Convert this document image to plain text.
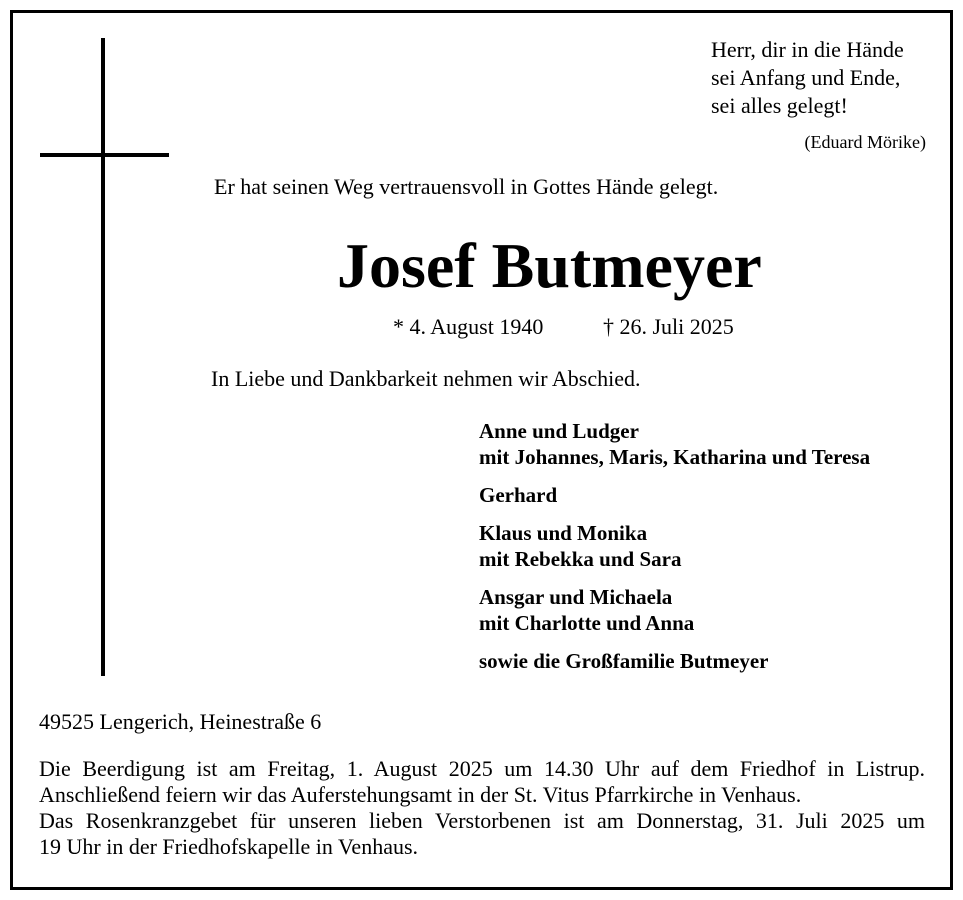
Herr, dir in die Hände
sei Anfang und Ende,
sei alles gelegt!
(Eduard Mörike)
Er hat seinen Weg vertrauensvoll in Gottes Hände gelegt.
Josef Butmeyer
* 4. August 1940	† 26. Juli 2025
In Liebe und Dankbarkeit nehmen wir Abschied.
Anne und Ludger
mit Johannes, Maris, Katharina und Teresa
Gerhard
Klaus und Monika
mit Rebekka und Sara
Ansgar und Michaela
mit Charlotte und Anna
sowie die Großfamilie Butmeyer
49525 Lengerich, Heinestraße 6
Die Beerdigung ist am Freitag, 1. August 2025 um 14.30 Uhr auf dem Friedhof in Listrup.
Anschließend feiern wir das Auferstehungsamt in der St. Vitus Pfarrkirche in Venhaus.
Das Rosenkranzgebet für unseren lieben Verstorbenen ist am Donnerstag, 31. Juli 2025 um
19 Uhr in der Friedhofskapelle in Venhaus.
